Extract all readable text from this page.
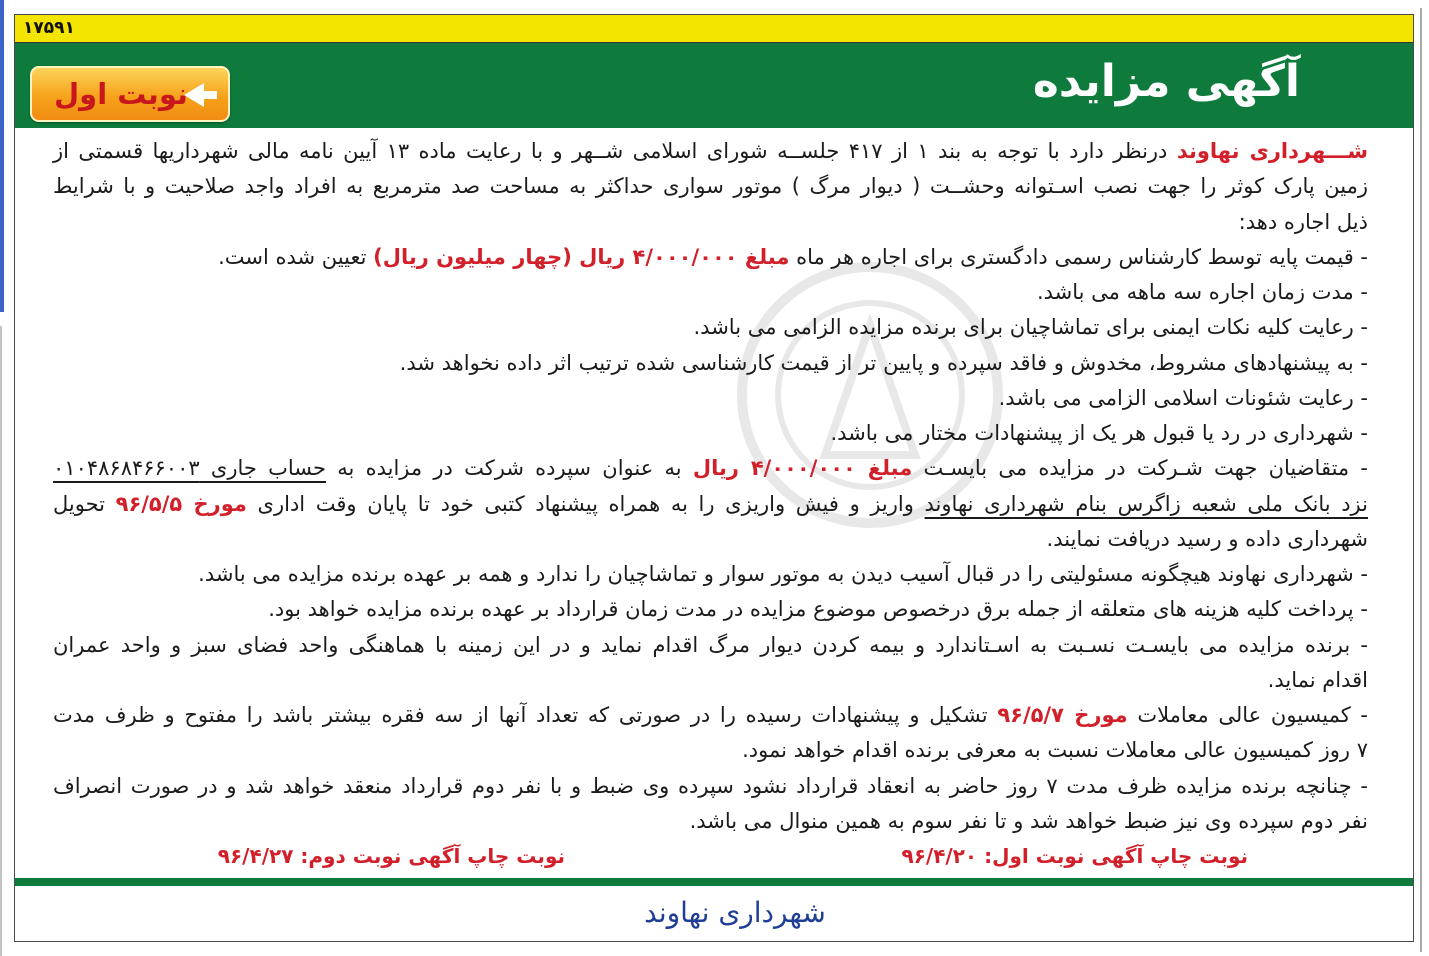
۱۷۵۹۱
آگهی مزایده
نوبت اول
شـــهرداری نهاوند درنظر دارد با توجه به بند ۱ از ۴۱۷ جلســه شورای اسلامی شــهر و با رعایت ماده ۱۳ آیین نامه مالی شهرداریها قسمتی از
زمین پارک کوثر را جهت نصب اسـتوانه وحشــت ( دیوار مرگ ) موتور سواری حداکثر به مساحت صد مترمربع به افراد واجد صلاحیت و با شرایط
ذیل اجاره دهد:
- قیمت پایه توسط کارشناس رسمی دادگستری برای اجاره هر ماه مبلغ ۴/۰۰۰/۰۰۰ ریال (چهار میلیون ریال) تعیین شده است.
- مدت زمان اجاره سه ماهه می باشد.
- رعایت کلیه نکات ایمنی برای تماشاچیان برای برنده مزایده الزامی می باشد.
- به پیشنهادهای مشروط، مخدوش و فاقد سپرده و پایین تر از قیمت کارشناسی شده ترتیب اثر داده نخواهد شد.
- رعایت شئونات اسلامی الزامی می باشد.
- شهرداری در رد یا قبول هر یک از پیشنهادات مختار می باشد.
- متقاضیان جهت شـرکت در مزایده می بایسـت مبلغ ۴/۰۰۰/۰۰۰ ریال به عنوان سپرده شرکت در مزایده به حساب جاری ۰۱۰۴۸۶۸۴۶۶۰۰۳
نزد بانک ملی شعبه زاگرس بنام شهرداری نهاوند واریز و فیش واریزی را به همراه پیشنهاد کتبی خود تا پایان وقت اداری مورخ ۹۶/۵/۵ تحویل
شهرداری داده و رسید دریافت نمایند.
- شهرداری نهاوند هیچگونه مسئولیتی را در قبال آسیب دیدن به موتور سوار و تماشاچیان را ندارد و همه بر عهده برنده مزایده می باشد.
- پرداخت کلیه هزینه های متعلقه از جمله برق درخصوص موضوع مزایده در مدت زمان قرارداد بر عهده برنده مزایده خواهد بود.
- برنده مزایده می بایسـت نسـبت به اسـتاندارد و بیمه کردن دیوار مرگ اقدام نماید و در این زمینه با هماهنگی واحد فضای سبز و واحد عمران
اقدام نماید.
- کمیسیون عالی معاملات مورخ ۹۶/۵/۷ تشکیل و پیشنهادات رسیده را در صورتی که تعداد آنها از سه فقره بیشتر باشد را مفتوح و ظرف مدت
۷ روز کمیسیون عالی معاملات نسبت به معرفی برنده اقدام خواهد نمود.
- چنانچه برنده مزایده ظرف مدت ۷ روز حاضر به انعقاد قرارداد نشود سپرده وی ضبط و با نفر دوم قرارداد منعقد خواهد شد و در صورت انصراف
نفر دوم سپرده وی نیز ضبط خواهد شد و تا نفر سوم به همین منوال می باشد.
نوبت چاپ آگهی نوبت اول: ۹۶/۴/۲۰
نوبت چاپ آگهی نوبت دوم: ۹۶/۴/۲۷
شهرداری نهاوند
